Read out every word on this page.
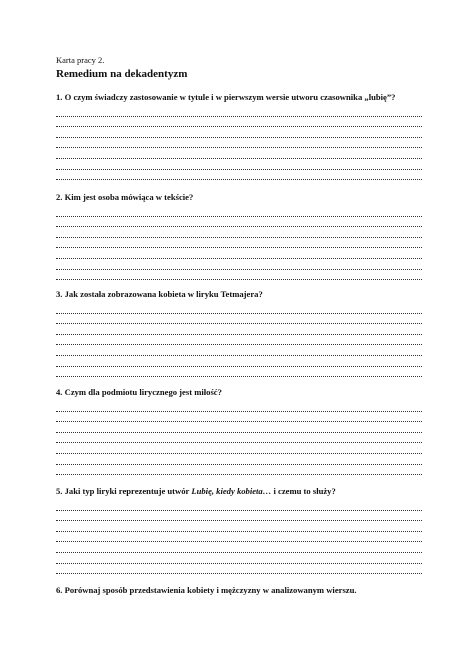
Karta pracy 2.
Remedium na dekadentyzm
1. O czym świadczy zastosowanie w tytule i w pierwszym wersie utworu czasownika „lubię”?
2. Kim jest osoba mówiąca w tekście?
3. Jak została zobrazowana kobieta w liryku Tetmajera?
4. Czym dla podmiotu lirycznego jest miłość?
5. Jaki typ liryki reprezentuje utwór Lubię, kiedy kobieta… i czemu to służy?
6. Porównaj sposób przedstawienia kobiety i mężczyzny w analizowanym wierszu.
